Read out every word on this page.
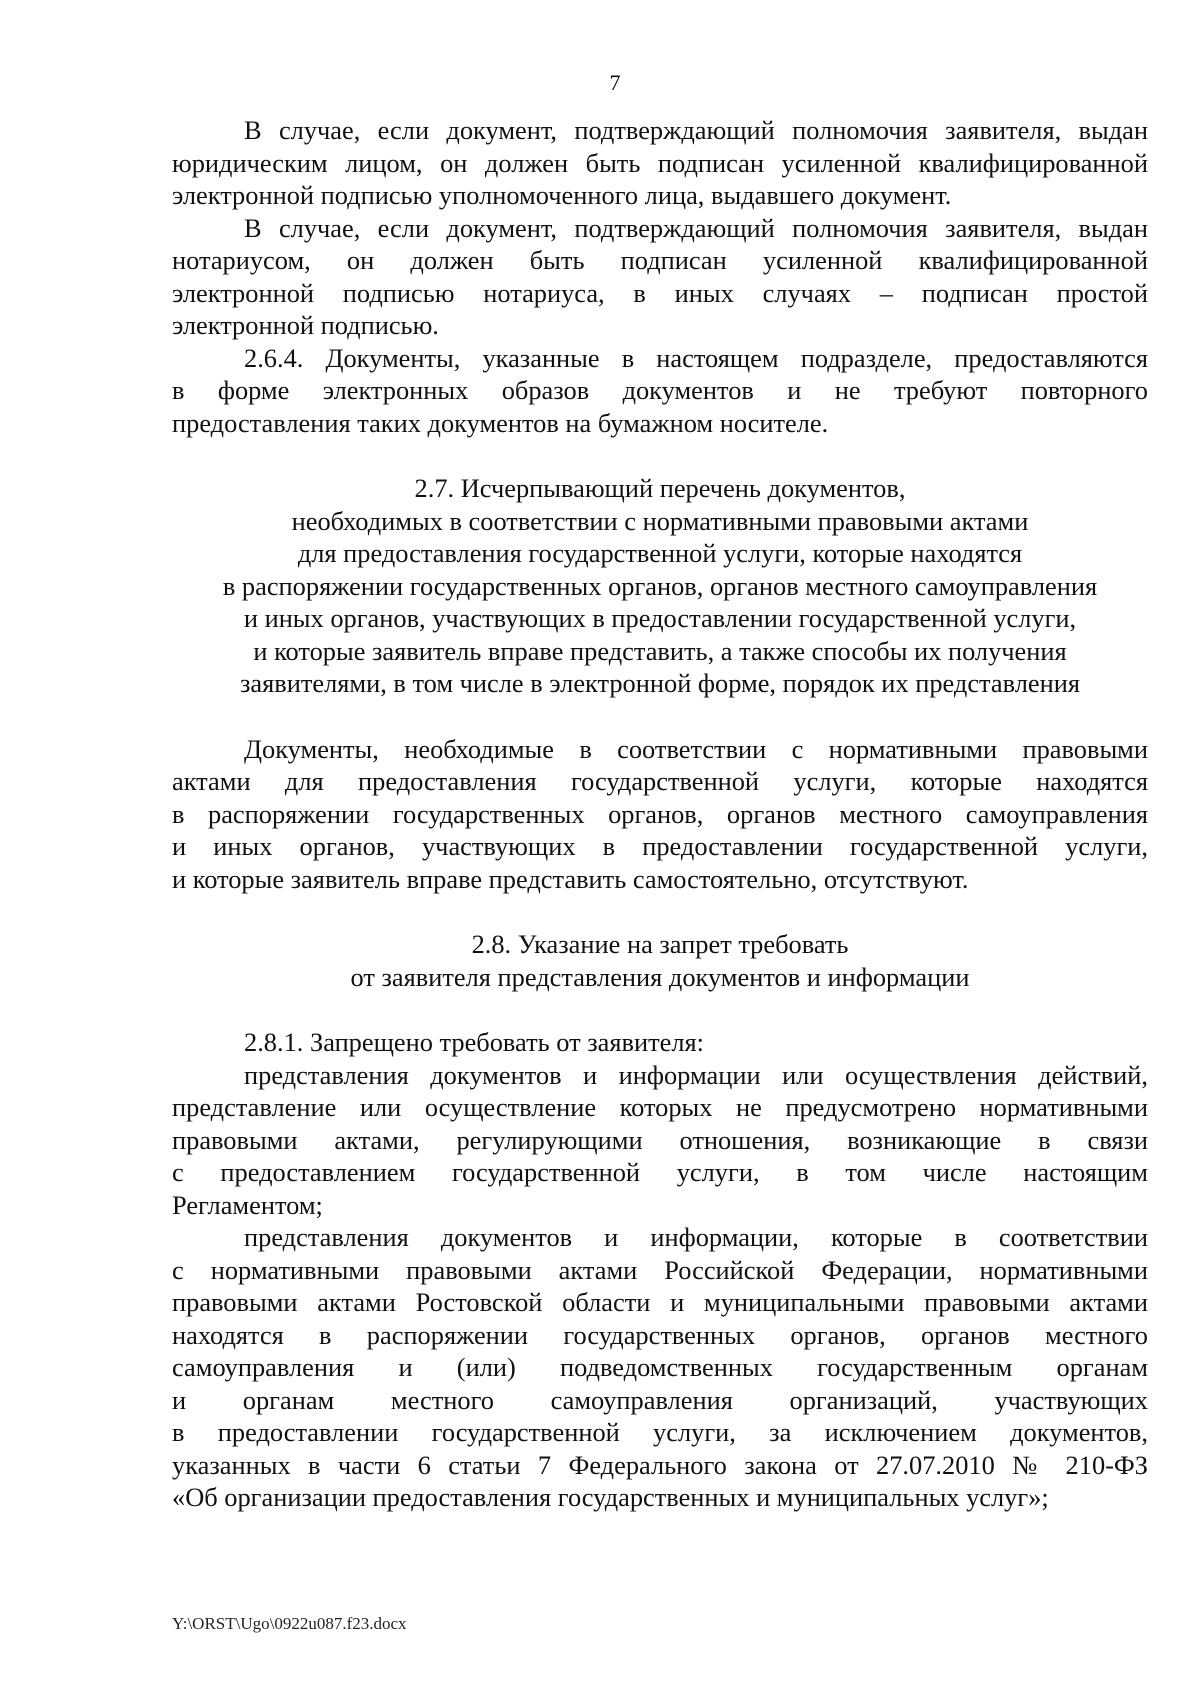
7
В случае, если документ, подтверждающий полномочия заявителя, выдан
юридическим лицом, он должен быть подписан усиленной квалифицированной
электронной подписью уполномоченного лица, выдавшего документ.
В случае, если документ, подтверждающий полномочия заявителя, выдан
нотариусом, он должен быть подписан усиленной квалифицированной
электронной подписью нотариуса, в иных случаях – подписан простой
электронной подписью.
2.6.4. Документы, указанные в настоящем подразделе, предоставляются
в форме электронных образов документов и не требуют повторного
предоставления таких документов на бумажном носителе.
2.7. Исчерпывающий перечень документов,
необходимых в соответствии с нормативными правовыми актами
для предоставления государственной услуги, которые находятся
в распоряжении государственных органов, органов местного самоуправления
и иных органов, участвующих в предоставлении государственной услуги,
и которые заявитель вправе представить, а также способы их получения
заявителями, в том числе в электронной форме, порядок их представления
Документы, необходимые в соответствии с нормативными правовыми
актами для предоставления государственной услуги, которые находятся
в распоряжении государственных органов, органов местного самоуправления
и иных органов, участвующих в предоставлении государственной услуги,
и которые заявитель вправе представить самостоятельно, отсутствуют.
2.8. Указание на запрет требовать
от заявителя представления документов и информации
2.8.1. Запрещено требовать от заявителя:
представления документов и информации или осуществления действий,
представление или осуществление которых не предусмотрено нормативными
правовыми актами, регулирующими отношения, возникающие в связи
с предоставлением государственной услуги, в том числе настоящим
Регламентом;
представления документов и информации, которые в соответствии
с нормативными правовыми актами Российской Федерации, нормативными
правовыми актами Ростовской области и муниципальными правовыми актами
находятся в распоряжении государственных органов, органов местного
самоуправления и (или) подведомственных государственным органам
и органам местного самоуправления организаций, участвующих
в предоставлении государственной услуги, за исключением документов,
указанных в части 6 статьи 7 Федерального закона от 27.07.2010 № 210-ФЗ
«Об организации предоставления государственных и муниципальных услуг»;
Y:\ORST\Ugo\0922u087.f23.docx
